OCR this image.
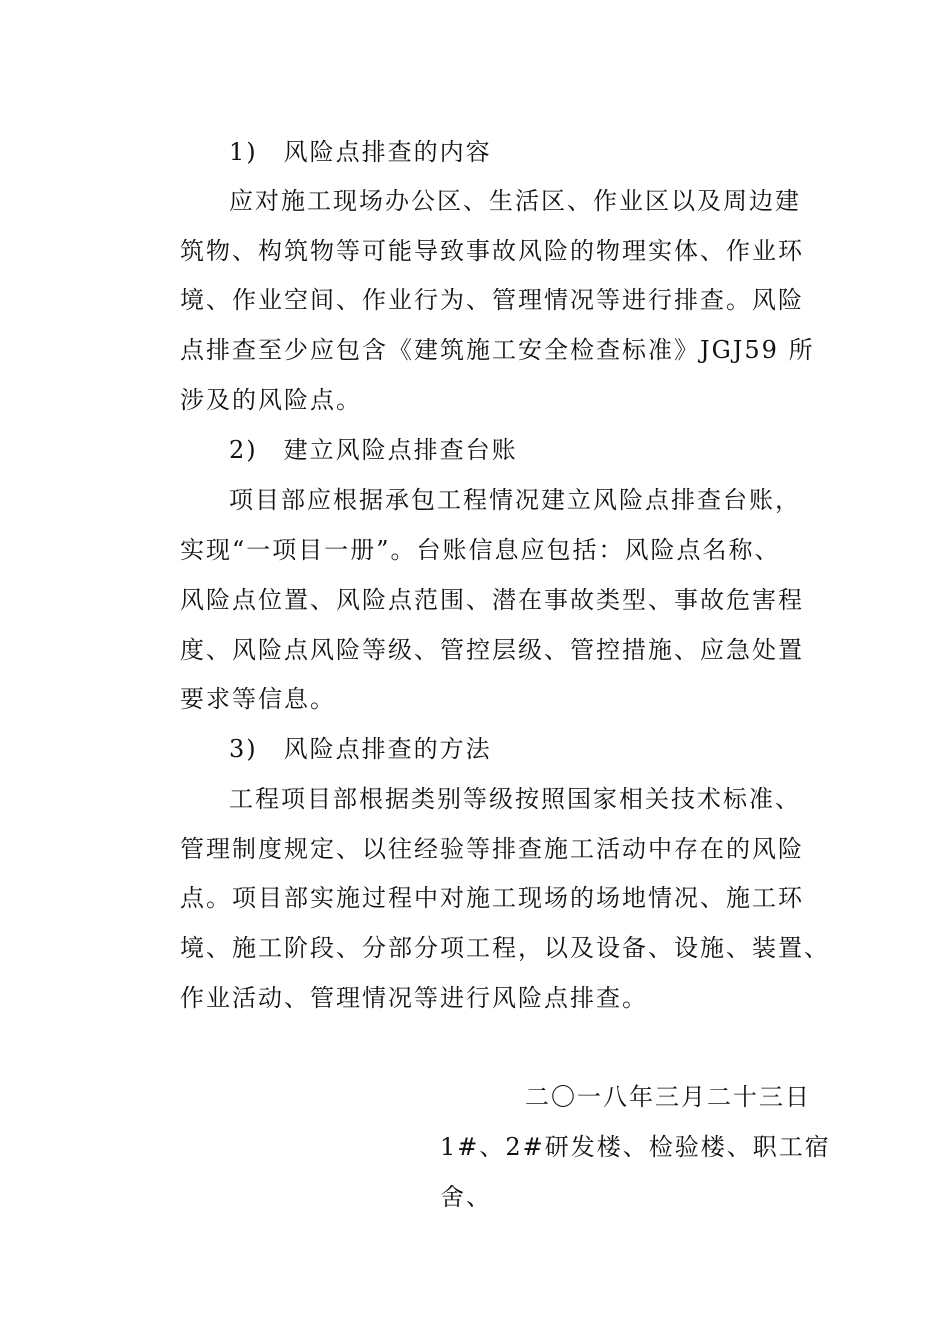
1)　风险点排查的内容
应对施工现场办公区、生活区、作业区以及周边建
筑物、构筑物等可能导致事故风险的物理实体、作业环
境、作业空间、作业行为、管理情况等进行排查。风险
点排查至少应包含《建筑施工安全检查标准》JGJ59 所
涉及的风险点。
2)　建立风险点排查台账
项目部应根据承包工程情况建立风险点排查台账，
实现“一项目一册”。台账信息应包括：风险点名称、
风险点位置、风险点范围、潜在事故类型、事故危害程
度、风险点风险等级、管控层级、管控措施、应急处置
要求等信息。
3)　风险点排查的方法
工程项目部根据类别等级按照国家相关技术标准、
管理制度规定、以往经验等排查施工活动中存在的风险
点。项目部实施过程中对施工现场的场地情况、施工环
境、施工阶段、分部分项工程，以及设备、设施、装置、
作业活动、管理情况等进行风险点排查。
二〇一八年三月二十三日
1#、2#研发楼、检验楼、职工宿
舍、
